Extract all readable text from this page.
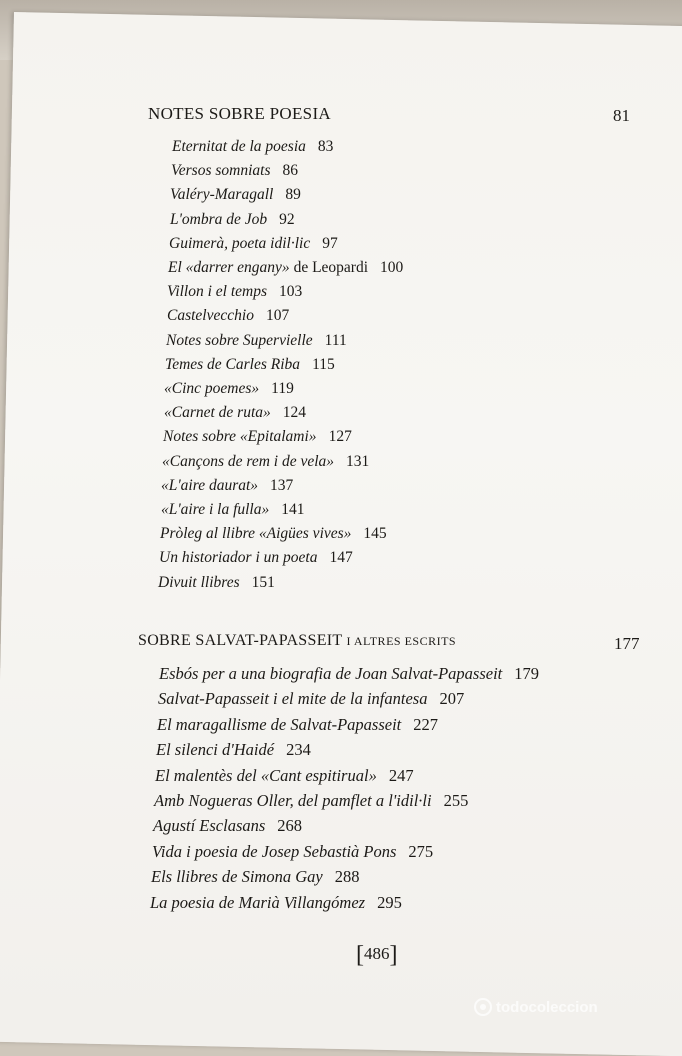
NOTES SOBRE POESIA	81
Eternitat de la poesia 83
Versos somniats 86
Valéry-Maragall 89
L'ombra de Job 92
Guimerà, poeta idil·lic 97
El «darrer engany» de Leopardi 100
Villon i el temps 103
Castelvecchio 107
Notes sobre Supervielle 111
Temes de Carles Riba 115
«Cinc poemes» 119
«Carnet de ruta» 124
Notes sobre «Epitalami» 127
«Cançons de rem i de vela» 131
«L'aire daurat» 137
«L'aire i la fulla» 141
Pròleg al llibre «Aigües vives» 145
Un historiador i un poeta 147
Divuit llibres 151
SOBRE SALVAT-PAPASSEIT I ALTRES ESCRITS	177
Esbós per a una biografia de Joan Salvat-Papasseit 179
Salvat-Papasseit i el mite de la infantesa 207
El maragallisme de Salvat-Papasseit 227
El silenci d'Haidé 234
El malentès del «Cant espitirual» 247
Amb Nogueras Oller, del pamflet a l'idil·li 255
Agustí Esclasans 268
Vida i poesia de Josep Sebastià Pons 275
Els llibres de Simona Gay 288
La poesia de Marià Villangómez 295
[486]
todocoleccion
